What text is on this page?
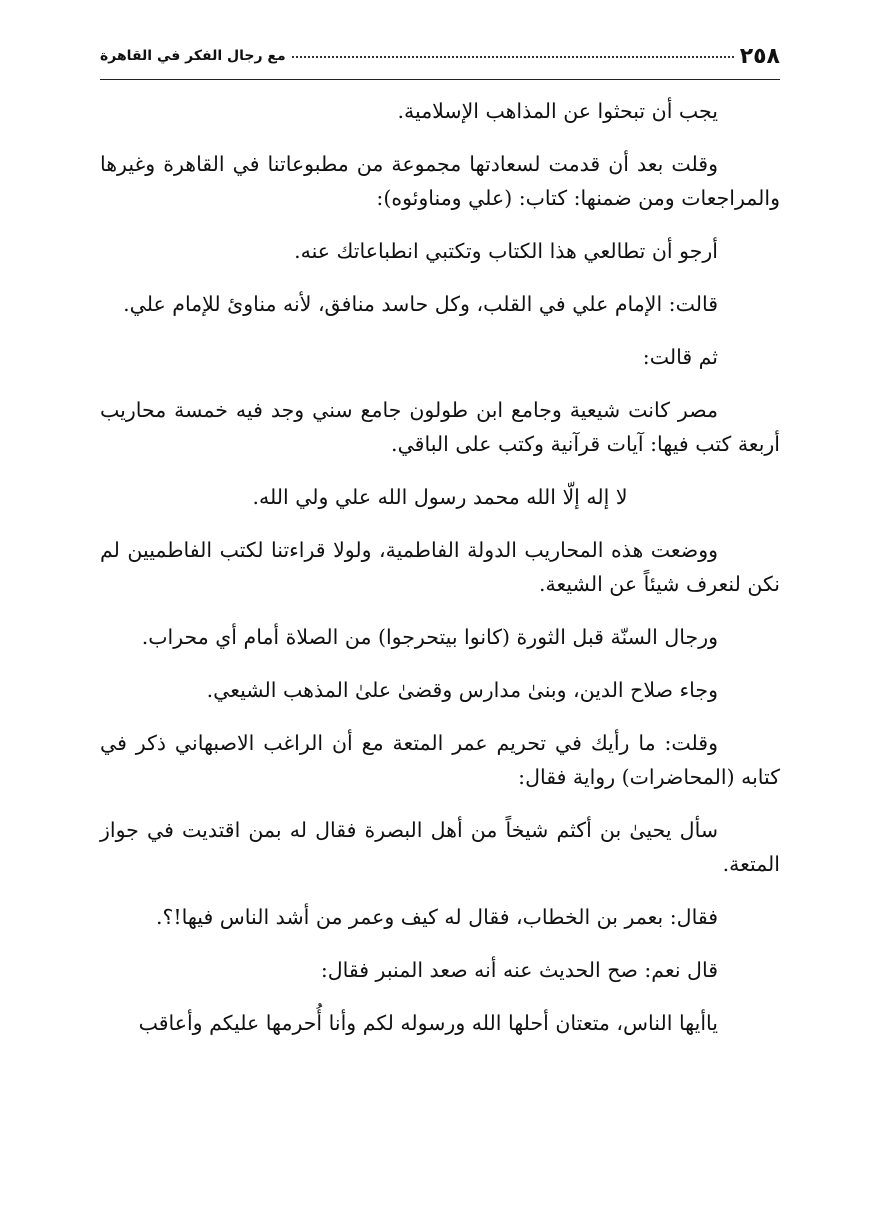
٢٥٨
مع رجال الفكر في القاهرة

يجب أن تبحثوا عن المذاهب الإسلامية.

وقلت بعد أن قدمت لسعادتها مجموعة من مطبوعاتنا في القاهرة وغيرها والمراجعات ومن ضمنها: كتاب: (علي ومناوئوه):

أرجو أن تطالعي هذا الكتاب وتكتبي انطباعاتك عنه.

قالت: الإمام علي في القلب، وكل حاسد منافق، لأنه مناوئ للإمام علي.

ثم قالت:

مصر كانت شيعية وجامع ابن طولون جامع سني وجد فيه خمسة محاريب أربعة كتب فيها: آيات قرآنية وكتب على الباقي.

لا إله إلّا الله محمد رسول الله علي ولي الله.

ووضعت هذه المحاريب الدولة الفاطمية، ولولا قراءتنا لكتب الفاطميين لم نكن لنعرف شيئاً عن الشيعة.

ورجال السنّة قبل الثورة (كانوا بيتحرجوا) من الصلاة أمام أي محراب.

وجاء صلاح الدين، وبنىٰ مدارس وقضىٰ علىٰ المذهب الشيعي.

وقلت: ما رأيك في تحريم عمر المتعة مع أن الراغب الاصبهاني ذكر في كتابه (المحاضرات) رواية فقال:

سأل يحيىٰ بن أكثم شيخاً من أهل البصرة فقال له بمن اقتديت في جواز المتعة.

فقال: بعمر بن الخطاب، فقال له كيف وعمر من أشد الناس فيها!؟.

قال نعم: صح الحديث عنه أنه صعد المنبر فقال:

ياأيها الناس، متعتان أحلها الله ورسوله لكم وأنا أُحرمها عليكم وأعاقب
